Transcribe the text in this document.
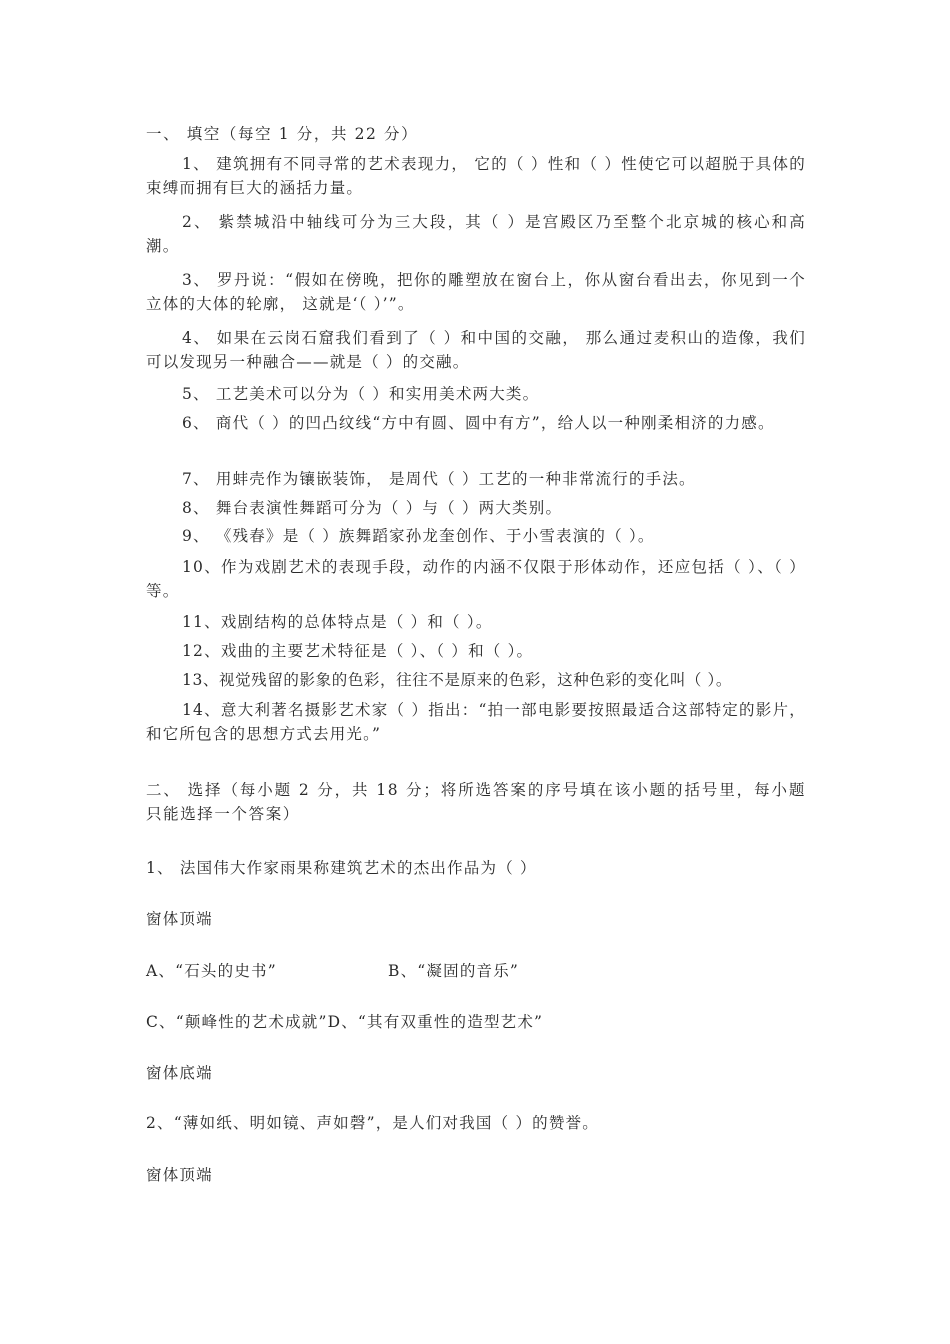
一、 填空（每空 1 分，共 22 分）
1、 建筑拥有不同寻常的艺术表现力， 它的（ ）性和（ ）性使它可以超脱于具体的束缚而拥有巨大的涵括力量。
2、 紫禁城沿中轴线可分为三大段，其（ ）是宫殿区乃至整个北京城的核心和高潮。
3、 罗丹说：“假如在傍晚，把你的雕塑放在窗台上，你从窗台看出去，你见到一个立体的大体的轮廓， 这就是‘（ ）’”。
4、 如果在云岗石窟我们看到了（ ）和中国的交融， 那么通过麦积山的造像，我们可以发现另一种融合——就是（ ）的交融。
5、 工艺美术可以分为（ ）和实用美术两大类。
6、 商代（ ）的凹凸纹线“方中有圆、圆中有方”，给人以一种刚柔相济的力感。
7、 用蚌壳作为镶嵌装饰， 是周代（ ）工艺的一种非常流行的手法。
8、 舞台表演性舞蹈可分为（ ）与（ ）两大类别。
9、 《残春》是（ ）族舞蹈家孙龙奎创作、于小雪表演的（ ）。
10、作为戏剧艺术的表现手段，动作的内涵不仅限于形体动作，还应包括（ ）、（ ）等。
11、戏剧结构的总体特点是（ ）和（ ）。
12、戏曲的主要艺术特征是（ ）、（ ）和（ ）。
13、视觉残留的影象的色彩，往往不是原来的色彩，这种色彩的变化叫（ ）。
14、意大利著名摄影艺术家（ ）指出：“拍一部电影要按照最适合这部特定的影片， 和它所包含的思想方式去用光。”
二、 选择（每小题 2 分，共 18 分；将所选答案的序号填在该小题的括号里，每小题只能选择一个答案）
1、 法国伟大作家雨果称建筑艺术的杰出作品为（ ）
窗体顶端
A、“石头的史书”	B、“凝固的音乐”
C、“颠峰性的艺术成就”D、“其有双重性的造型艺术”
窗体底端
2、“薄如纸、明如镜、声如磬”，是人们对我国（ ）的赞誉。
窗体顶端
